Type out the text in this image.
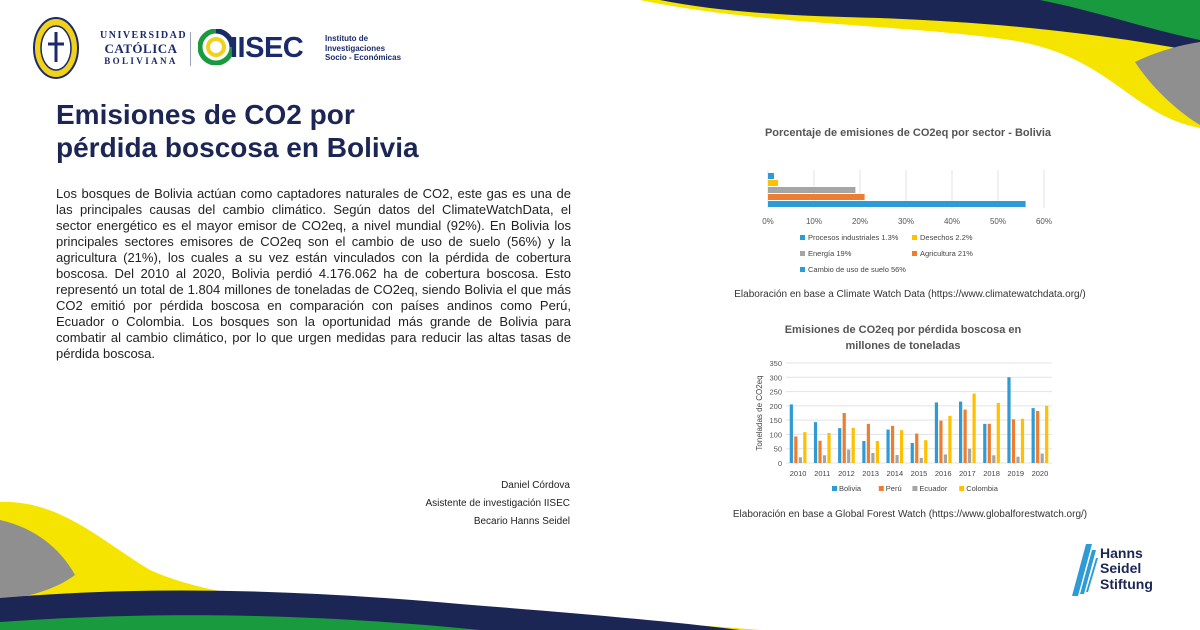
UNIVERSIDAD
CATÓLICA
BOLIVIANA IISEC	Instituto de
Investigaciones
Socio - Económicas
Emisiones de CO2 por
pérdida boscosa en Bolivia
Los bosques de Bolivia actúan como captadores naturales de CO2, este gas es una de las principales causas del cambio climático. Según datos del ClimateWatchData, el sector energético es el mayor emisor de CO2eq, a nivel mundial (92%). En Bolivia los principales sectores emisores de CO2eq son el cambio de uso de suelo (56%) y la agricultura (21%), los cuales a su vez están vinculados con la pérdida de cobertura boscosa. Del 2010 al 2020, Bolivia perdió 4.176.062 ha de cobertura boscosa. Esto representó un total de 1.804 millones de toneladas de CO2eq, siendo Bolivia el que más CO2 emitió por pérdida boscosa en comparación con países andinos como Perú, Ecuador o Colombia. Los bosques son la oportunidad más grande de Bolivia para combatir al cambio climático, por lo que urgen medidas para reducir las altas tasas de pérdida boscosa.
Daniel Córdova
Asistente de investigación IISEC
Becario Hanns Seidel
Porcentaje de emisiones de CO2eq por sector - Bolivia
0%	10%	20%	30%	40%	50%	60%
Procesos industriales 1.3%	Desechos 2.2%
Energía 19%	Agricultura 21%
Cambio de uso de suelo 56%
Elaboración en base a Climate Watch Data (https://www.climatewatchdata.org/)
Emisiones de CO2eq por pérdida boscosa en millones de toneladas
0
50
100
150
200
250
300
350
Toneladas de CO2eq
2010 2011 2012 2013 2014 2015 2016 2017 2018 2019 2020
Bolivia	Perú Ecuador	Colombia
Elaboración en base a Global Forest Watch (https://www.globalforestwatch.org/)
Hanns
Seidel
Stiftung
